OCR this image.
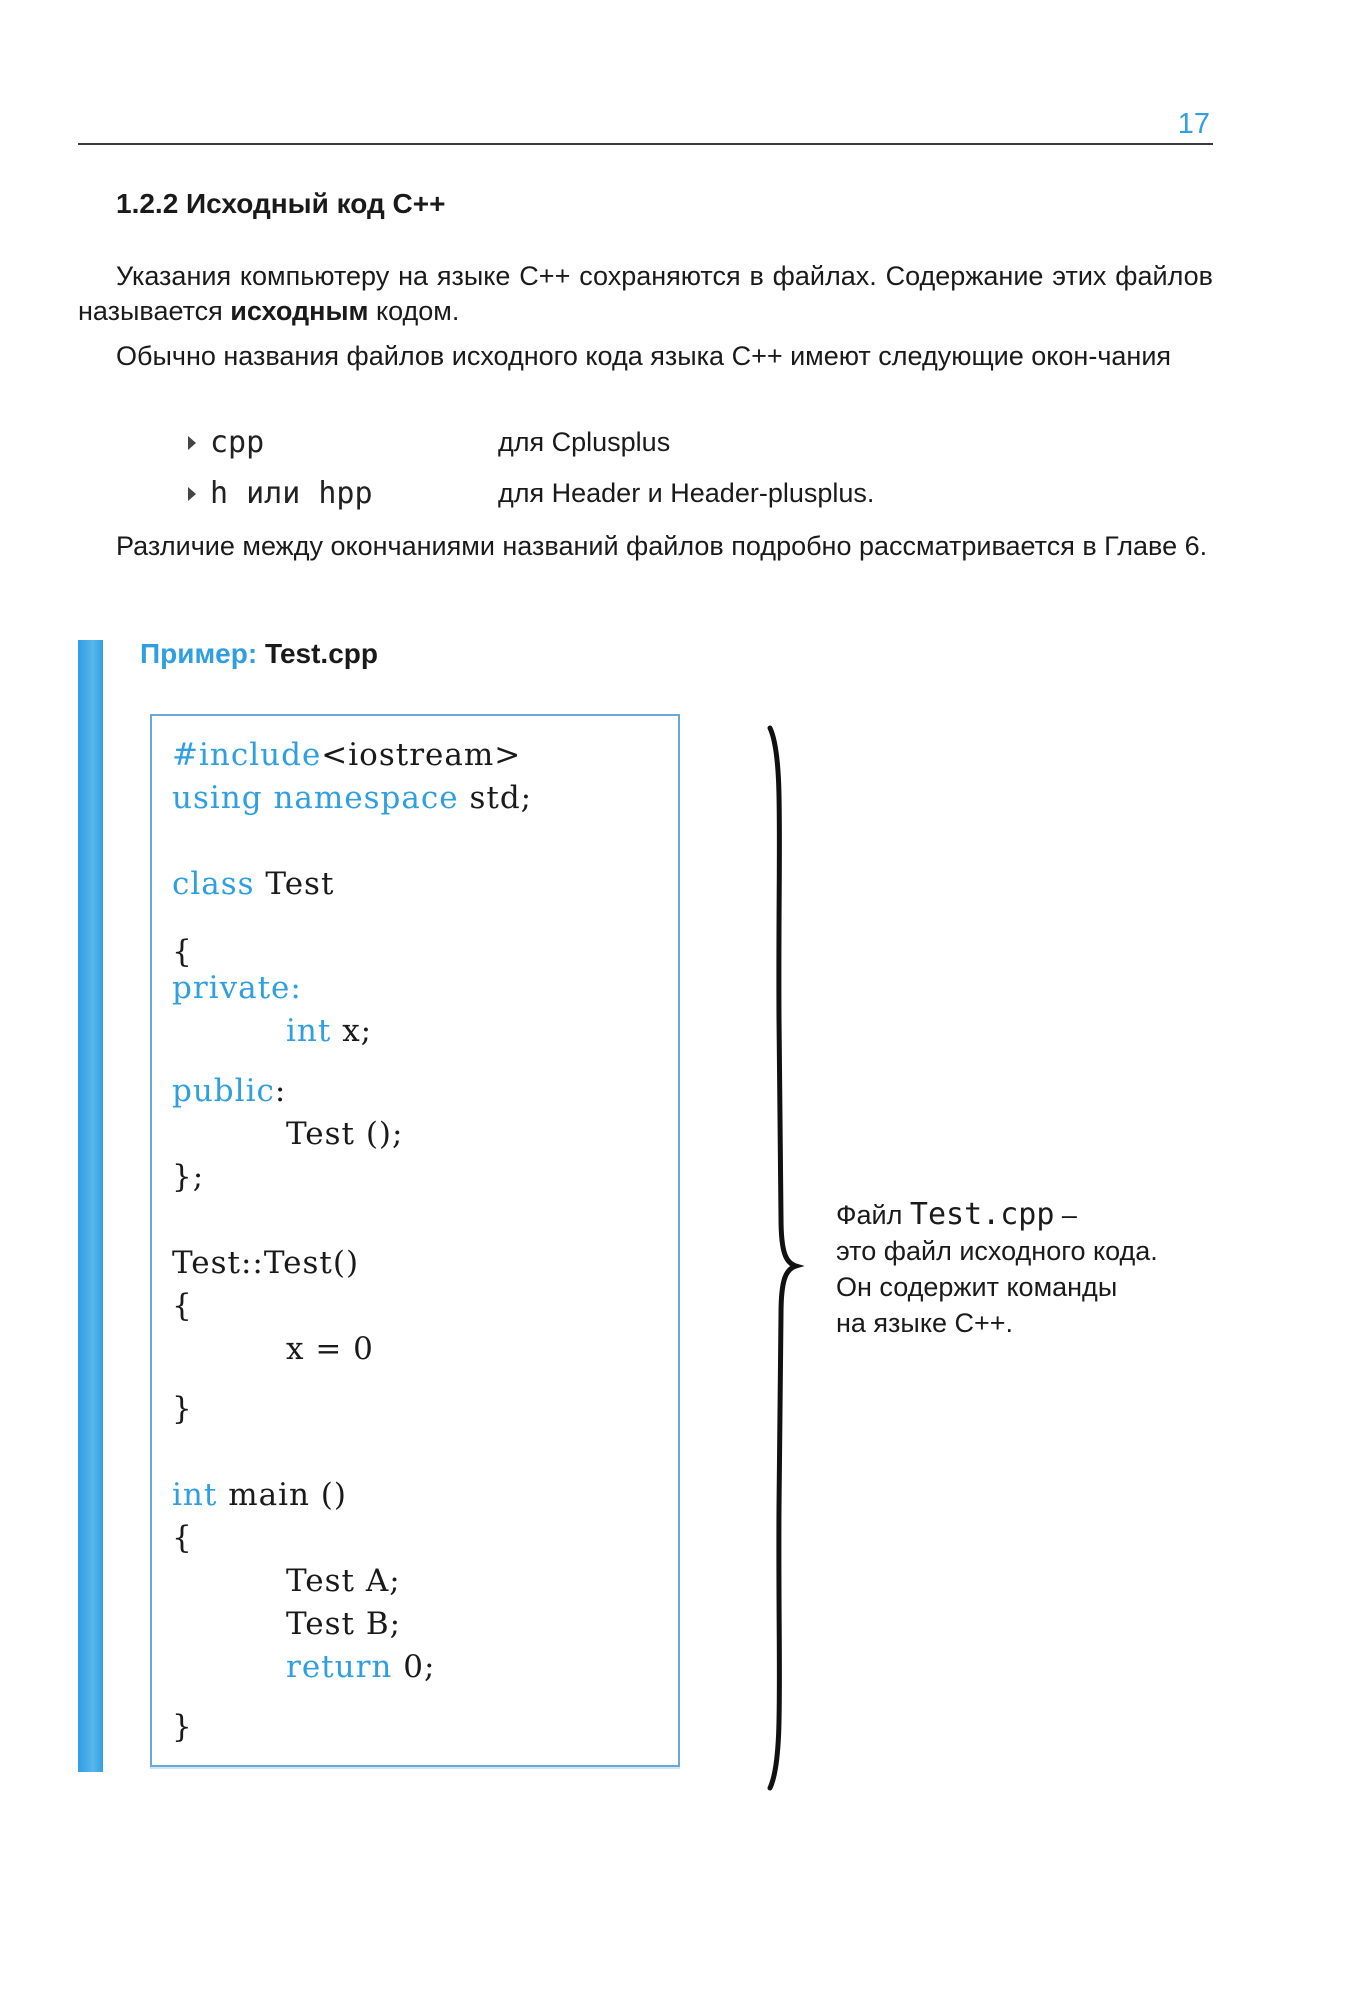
17
1.2.2 Исходный код C++
Указания компьютеру на языке C++ сохраняются в файлах. Содержание этих файлов называется исходным кодом.
Обычно названия файлов исходного кода языка C++ имеют следующие окон-чания
cpp	для Cplusplus
h или hpp	для Header и Header-plusplus.
Различие между окончаниями названий файлов подробно рассматривается в Главе 6.
Пример: Test.cpp
#include<iostream>
using namespace std;
class Test
{
private:
int x;
public:
Test ();
};
Test::Test()
{
x = 0
}
int main ()
{
Test A;
Test B;
return 0;
}
Файл Test.cpp –
это файл исходного кода.
Он содержит команды
на языке C++.
